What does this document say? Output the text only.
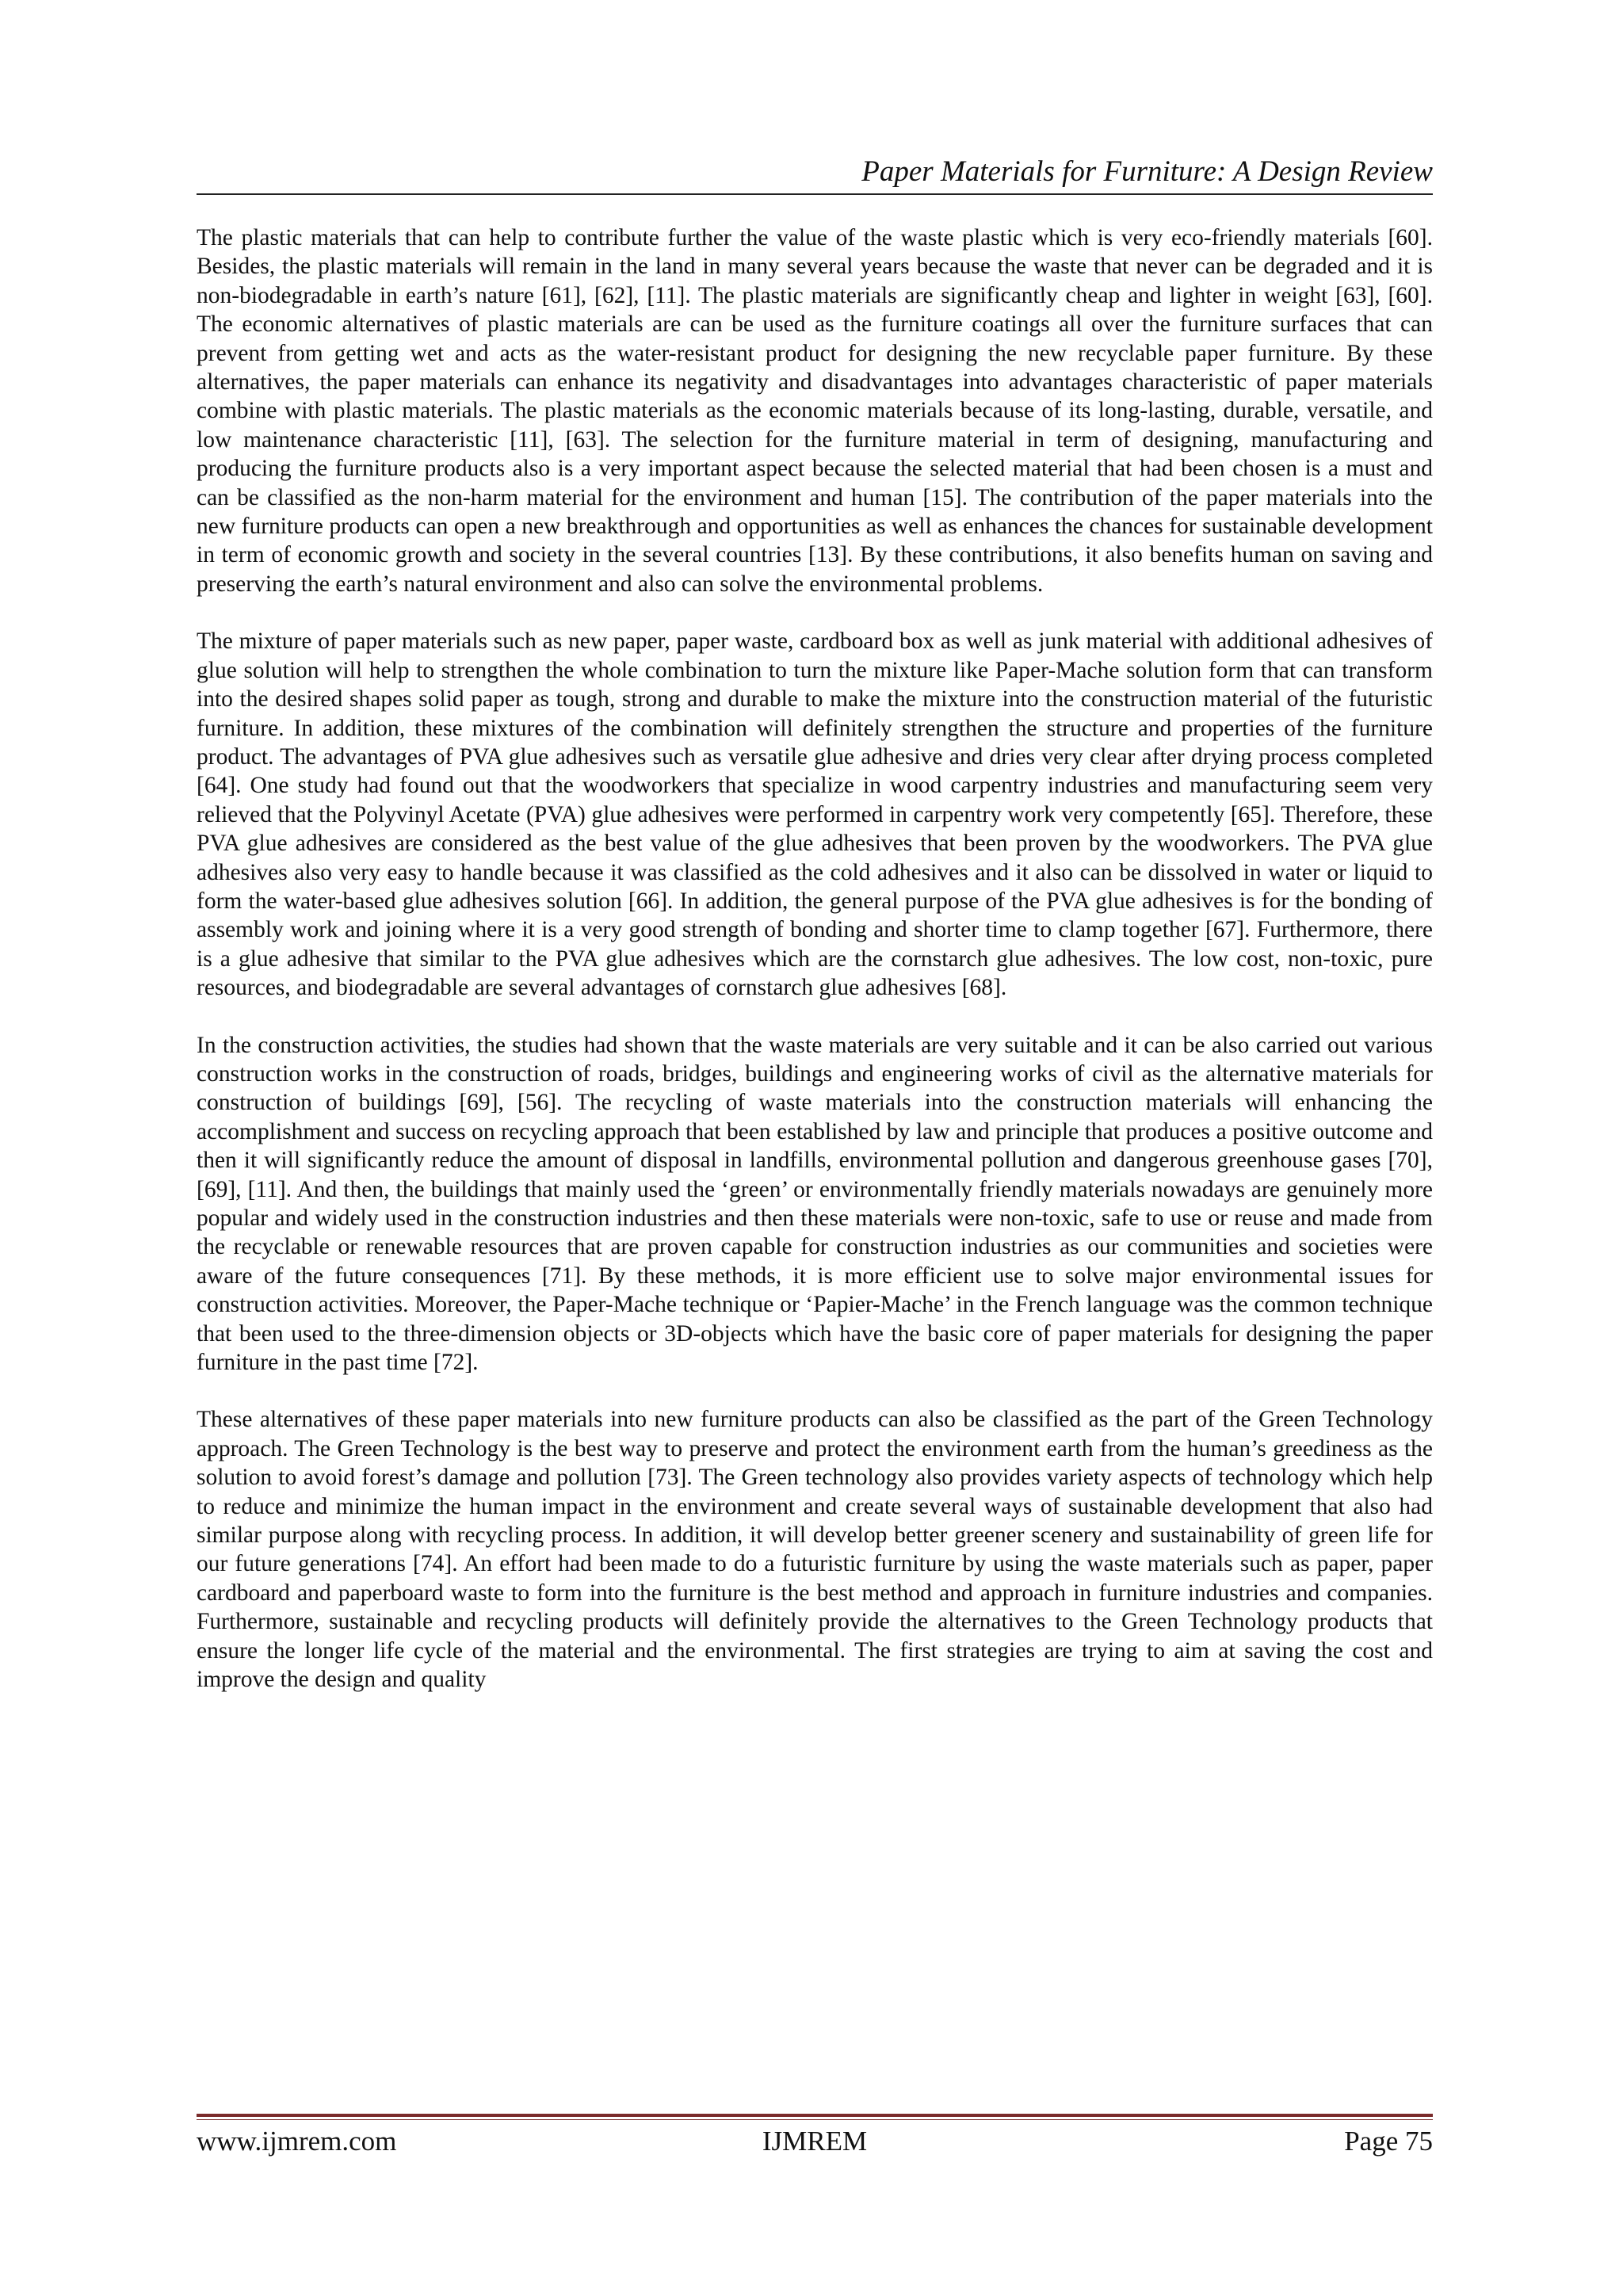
Paper Materials for Furniture: A Design Review

The plastic materials that can help to contribute further the value of the waste plastic which is very eco-friendly materials [60]. Besides, the plastic materials will remain in the land in many several years because the waste that never can be degraded and it is non-biodegradable in earth’s nature [61], [62], [11]. The plastic materials are significantly cheap and lighter in weight [63], [60]. The economic alternatives of plastic materials are can be used as the furniture coatings all over the furniture surfaces that can prevent from getting wet and acts as the water-resistant product for designing the new recyclable paper furniture. By these alternatives, the paper materials can enhance its negativity and disadvantages into advantages characteristic of paper materials combine with plastic materials. The plastic materials as the economic materials because of its long-lasting, durable, versatile, and low maintenance characteristic [11], [63]. The selection for the furniture material in term of designing, manufacturing and producing the furniture products also is a very important aspect because the selected material that had been chosen is a must and can be classified as the non-harm material for the environment and human [15]. The contribution of the paper materials into the new furniture products can open a new breakthrough and opportunities as well as enhances the chances for sustainable development in term of economic growth and society in the several countries [13]. By these contributions, it also benefits human on saving and preserving the earth’s natural environment and also can solve the environmental problems.

The mixture of paper materials such as new paper, paper waste, cardboard box as well as junk material with additional adhesives of glue solution will help to strengthen the whole combination to turn the mixture like Paper-Mache solution form that can transform into the desired shapes solid paper as tough, strong and durable to make the mixture into the construction material of the futuristic furniture. In addition, these mixtures of the combination will definitely strengthen the structure and properties of the furniture product. The advantages of PVA glue adhesives such as versatile glue adhesive and dries very clear after drying process completed [64]. One study had found out that the woodworkers that specialize in wood carpentry industries and manufacturing seem very relieved that the Polyvinyl Acetate (PVA) glue adhesives were performed in carpentry work very competently [65]. Therefore, these PVA glue adhesives are considered as the best value of the glue adhesives that been proven by the woodworkers. The PVA glue adhesives also very easy to handle because it was classified as the cold adhesives and it also can be dissolved in water or liquid to form the water-based glue adhesives solution [66]. In addition, the general purpose of the PVA glue adhesives is for the bonding of assembly work and joining where it is a very good strength of bonding and shorter time to clamp together [67]. Furthermore, there is a glue adhesive that similar to the PVA glue adhesives which are the cornstarch glue adhesives. The low cost, non-toxic, pure resources, and biodegradable are several advantages of cornstarch glue adhesives [68].

In the construction activities, the studies had shown that the waste materials are very suitable and it can be also carried out various construction works in the construction of roads, bridges, buildings and engineering works of civil as the alternative materials for construction of buildings [69], [56]. The recycling of waste materials into the construction materials will enhancing the accomplishment and success on recycling approach that been established by law and principle that produces a positive outcome and then it will significantly reduce the amount of disposal in landfills, environmental pollution and dangerous greenhouse gases [70], [69], [11]. And then, the buildings that mainly used the ‘green’ or environmentally friendly materials nowadays are genuinely more popular and widely used in the construction industries and then these materials were non-toxic, safe to use or reuse and made from the recyclable or renewable resources that are proven capable for construction industries as our communities and societies were aware of the future consequences [71]. By these methods, it is more efficient use to solve major environmental issues for construction activities. Moreover, the Paper-Mache technique or ‘Papier-Mache’ in the French language was the common technique that been used to the three-dimension objects or 3D-objects which have the basic core of paper materials for designing the paper furniture in the past time [72].

These alternatives of these paper materials into new furniture products can also be classified as the part of the Green Technology approach. The Green Technology is the best way to preserve and protect the environment earth from the human’s greediness as the solution to avoid forest’s damage and pollution [73]. The Green technology also provides variety aspects of technology which help to reduce and minimize the human impact in the environment and create several ways of sustainable development that also had similar purpose along with recycling process. In addition, it will develop better greener scenery and sustainability of green life for our future generations [74]. An effort had been made to do a futuristic furniture by using the waste materials such as paper, paper cardboard and paperboard waste to form into the furniture is the best method and approach in furniture industries and companies. Furthermore, sustainable and recycling products will definitely provide the alternatives to the Green Technology products that ensure the longer life cycle of the material and the environmental. The first strategies are trying to aim at saving the cost and improve the design and quality

www.ijmrem.com	IJMREM	Page 75
